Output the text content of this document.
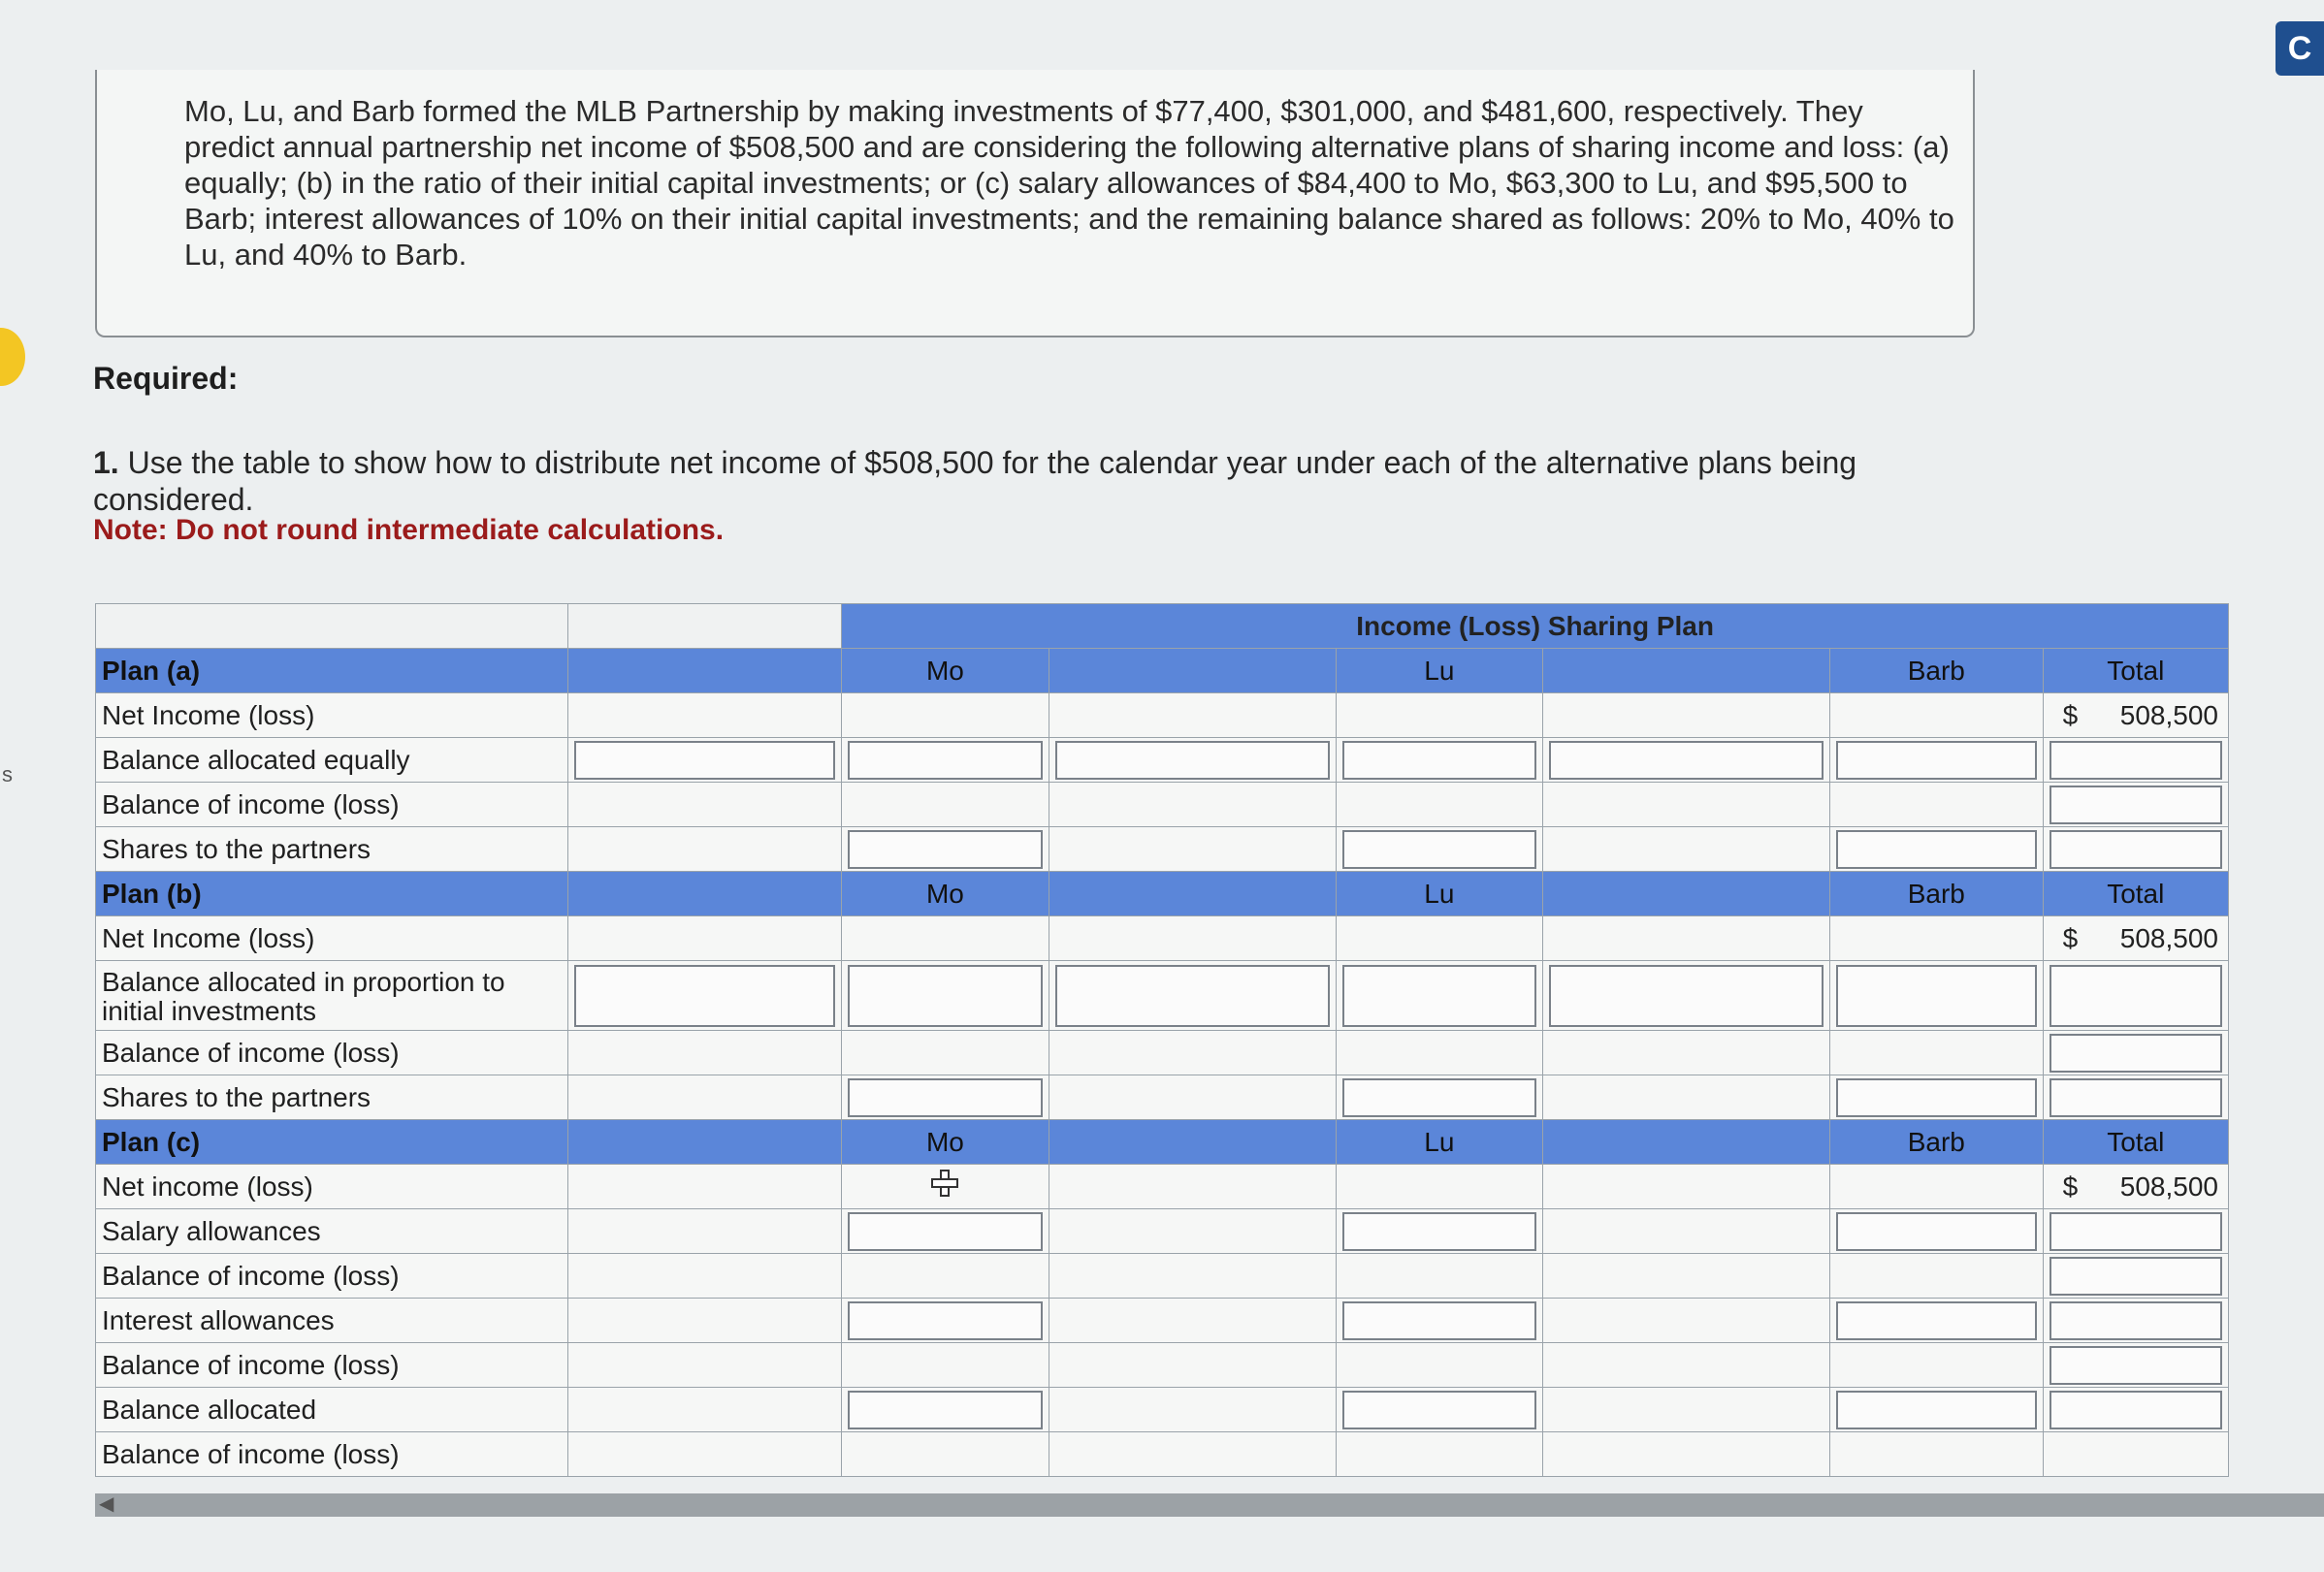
s
C
Mo, Lu, and Barb formed the MLB Partnership by making investments of $77,400, $301,000, and $481,600, respectively. They predict annual partnership net income of $508,500 and are considering the following alternative plans of sharing income and loss: (a) equally; (b) in the ratio of their initial capital investments; or (c) salary allowances of $84,400 to Mo, $63,300 to Lu, and $95,500 to Barb; interest allowances of 10% on their initial capital investments; and the remaining balance shared as follows: 20% to Mo, 40% to Lu, and 40% to Barb.
Required:
1. Use the table to show how to distribute net income of $508,500 for the calendar year under each of the alternative plans being considered.
Note: Do not round intermediate calculations.
		Income (Loss) Sharing Plan					
Plan (a)		Mo		Lu		Barb	Total
Net Income (loss)							$ 508,500
Balance allocated equally	

Balance of income (loss)							

Shares to the partners		

Plan (b)		Mo		Lu		Barb	Total
Net Income (loss)							$ 508,500
Balance allocated in proportion to initial investments	

Balance of income (loss)							

Shares to the partners		

Plan (c)		Mo		Lu		Barb	Total
Net income (loss)							$ 508,500
Salary allowances		

Balance of income (loss)							

Interest allowances		

Balance of income (loss)							

Balance allocated		

Balance of income (loss)							
◀
